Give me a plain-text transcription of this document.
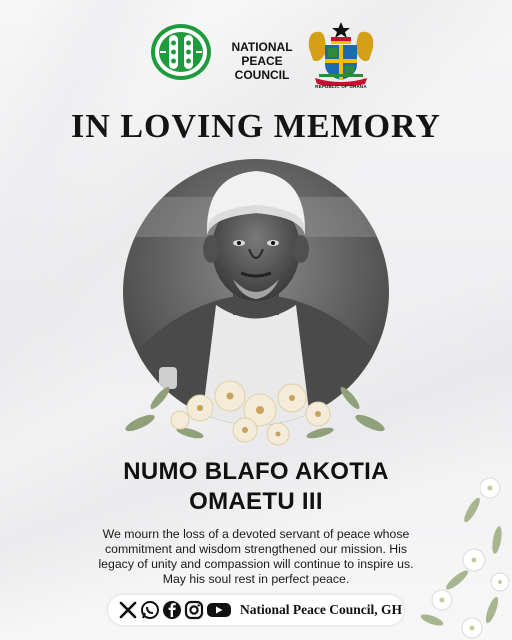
NATIONAL PEACE
COUNCIL
REPUBLIC OF GHANA
IN LOVING MEMORY
NUMO BLAFO AKOTIA
OMAETU III
We mourn the loss of a devoted servant of peace whose
commitment and wisdom strengthened our mission. His
legacy of unity and compassion will continue to inspire us.
May his soul rest in perfect peace.
National Peace Council, GH
